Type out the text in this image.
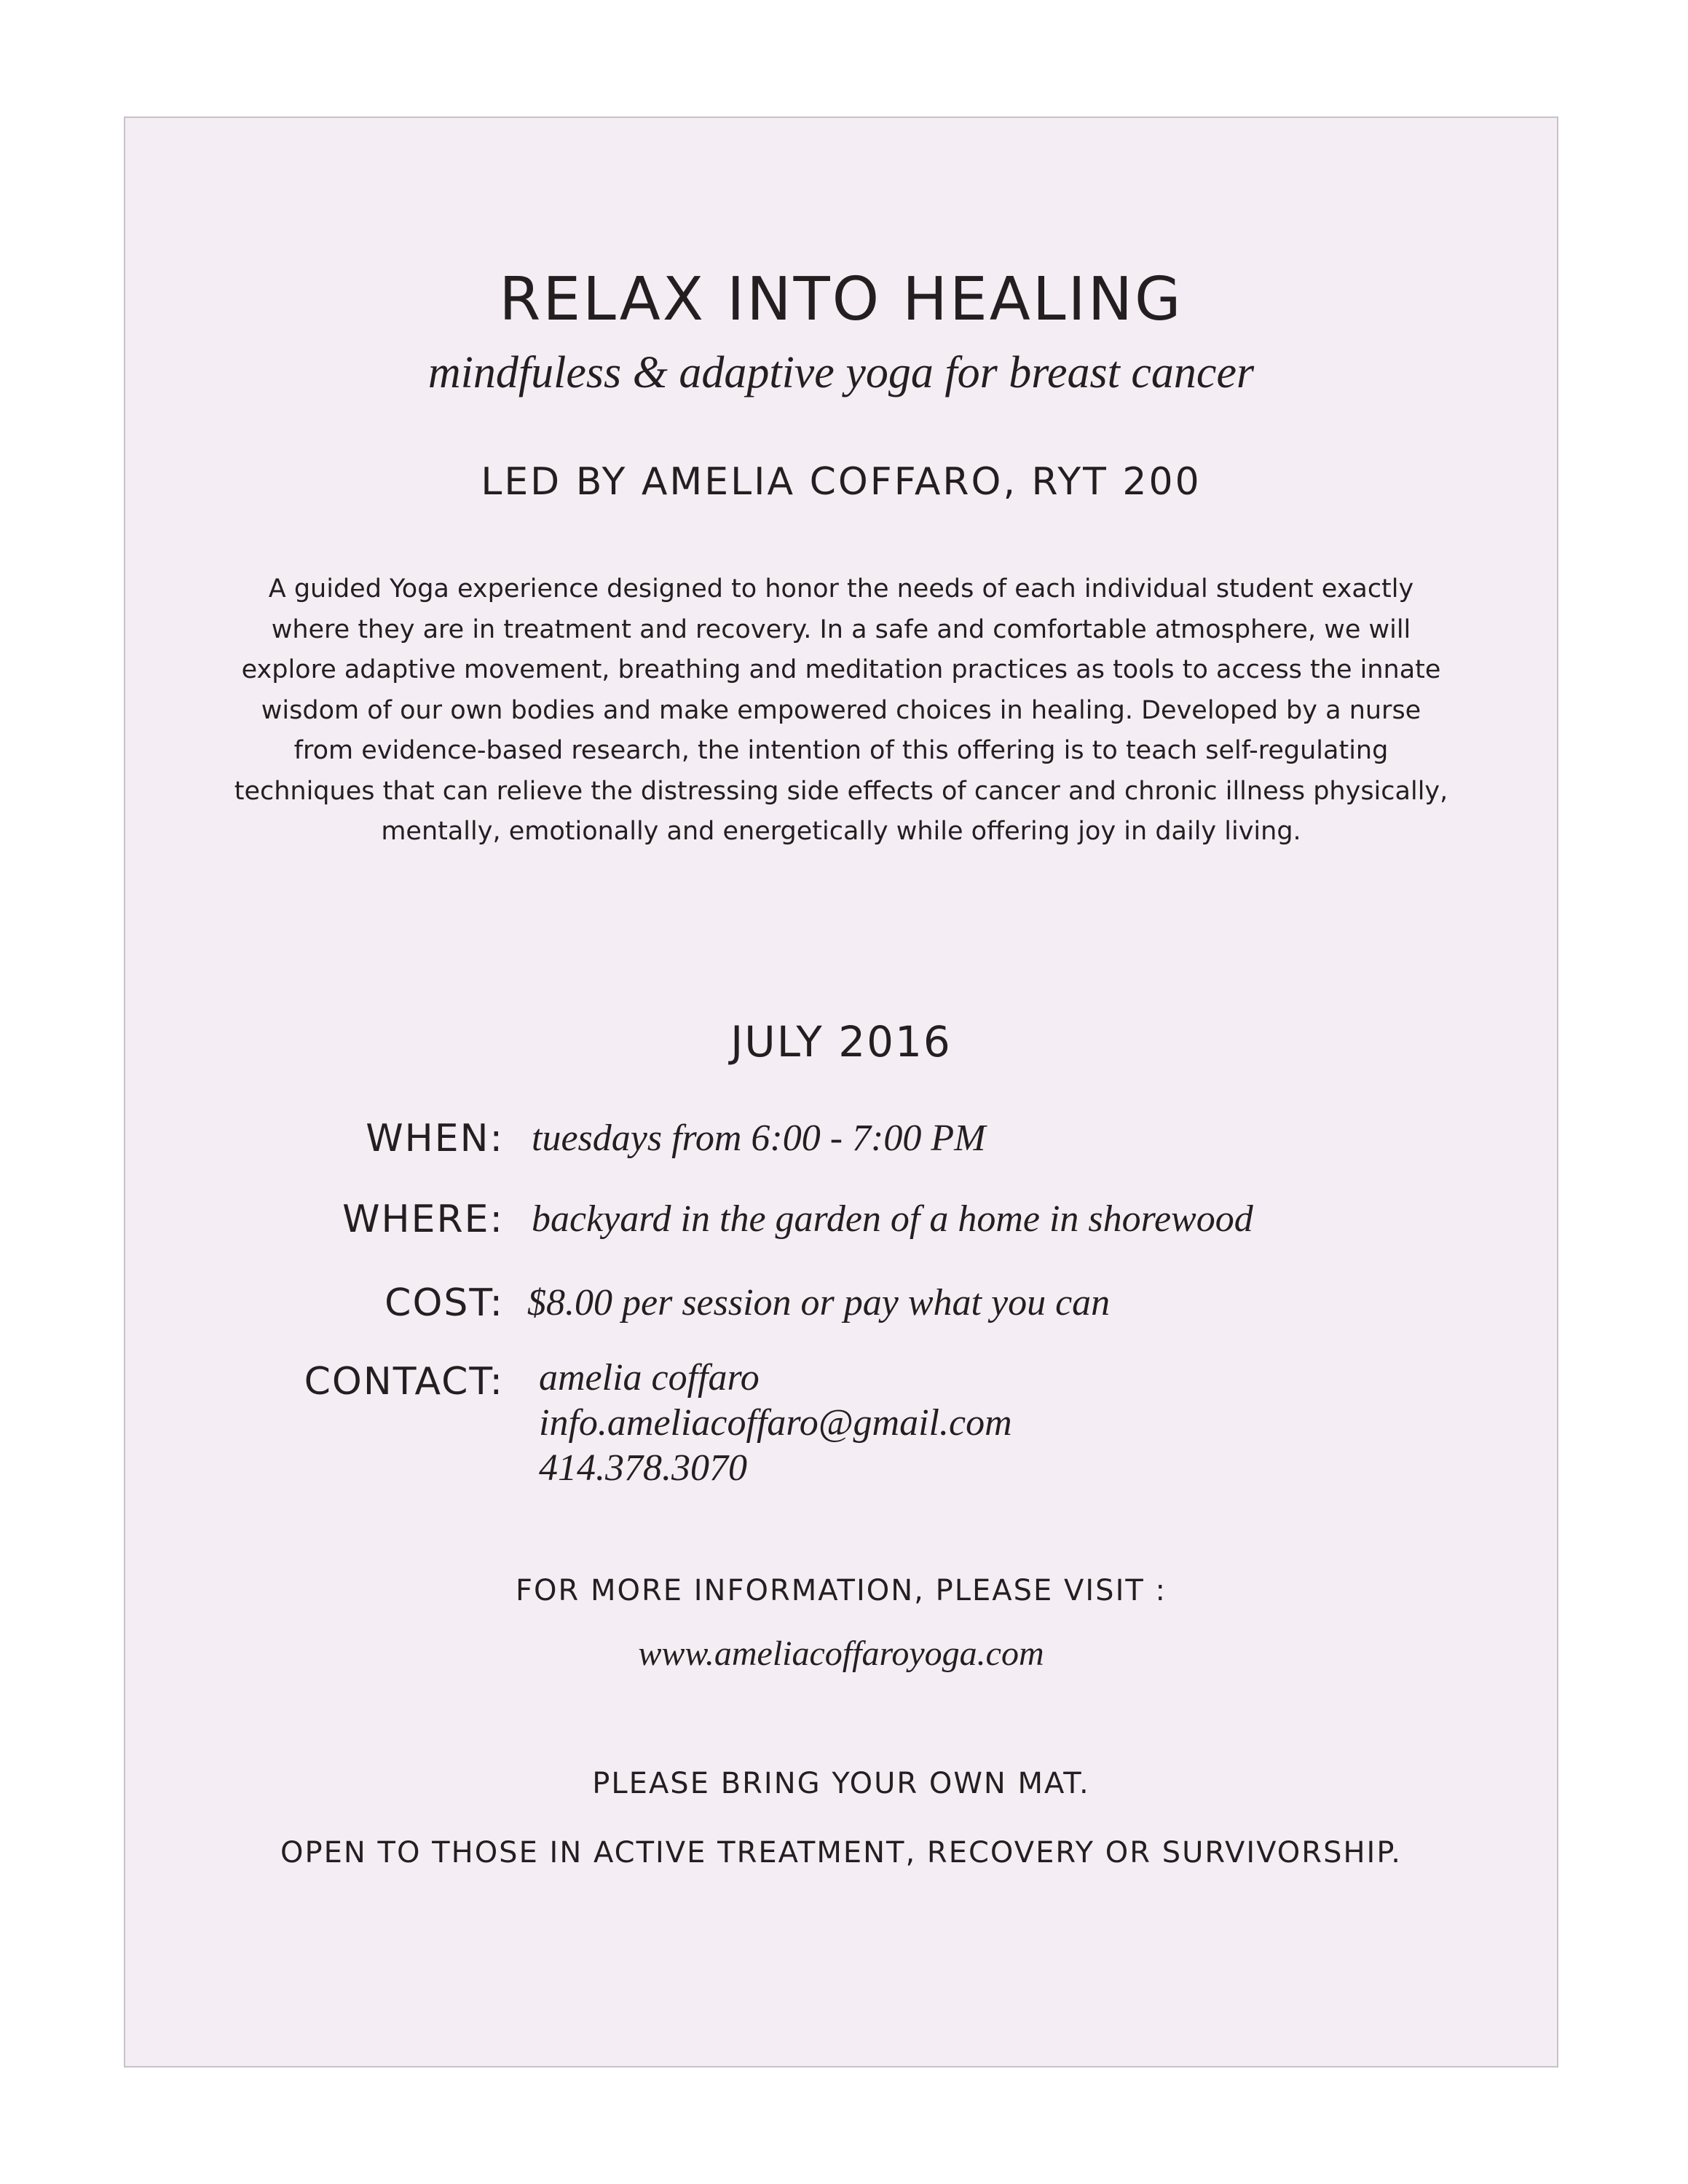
RELAX INTO HEALING
mindfuless & adaptive yoga for breast cancer
LED BY AMELIA COFFARO, RYT 200
A guided Yoga experience designed to honor the needs of each individual student exactly
where they are in treatment and recovery. In a safe and comfortable atmosphere, we will
explore adaptive movement, breathing and meditation practices as tools to access the innate
wisdom of our own bodies and make empowered choices in healing. Developed by a nurse
from evidence-based research, the intention of this offering is to teach self-regulating
techniques that can relieve the distressing side effects of cancer and chronic illness physically,
mentally, emotionally and energetically while offering joy in daily living.
JULY 2016
WHEN: tuesdays from 6:00 - 7:00 PM
WHERE: backyard in the garden of a home in shorewood
COST: $8.00 per session or pay what you can
CONTACT: amelia coffaro
info.ameliacoffaro@gmail.com
414.378.3070
FOR MORE INFORMATION, PLEASE VISIT :
www.ameliacoffaroyoga.com
PLEASE BRING YOUR OWN MAT.
OPEN TO THOSE IN ACTIVE TREATMENT, RECOVERY OR SURVIVORSHIP.
